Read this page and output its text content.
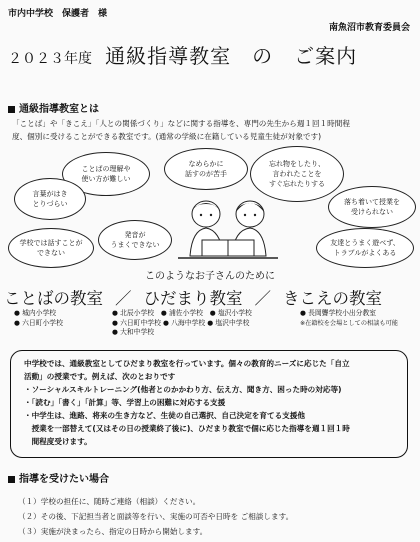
市内中学校　保護者　様
南魚沼市教育委員会
２０２３年度 通級指導教室　の　ご案内
通級指導教室とは
「ことば」や「きこえ」「人との関係づくり」などに関する指導を、専門の先生から週１回１時間程
度、個別に受けることができる教室です。(通常の学級に在籍している児童生徒が対象です)
ことばの理解や
使い方が難しい
なめらかに
話すのが苦手
忘れ物をしたり、
言われたことを
すぐ忘れたりする
言葉がはき
とりづらい	落ち着いて授業を
受けられない
発音が
うまくできない
学校では話すことが
できない
友達とうまく遊べず、
トラブルがよくある
このようなお子さんのために
ことばの教室 ／ ひだまり教室 ／ きこえの教室
● 城内小学校
● 六日町小学校
● 北辰小学校　● 浦佐小学校　● 塩沢小学校
● 六日町中学校 ● 八海中学校 ● 塩沢中学校
● 大和中学校
● 長岡聾学校小出分教室
※在籍校を会場としての相談も可能
中学校では、通級教室としてひだまり教室を行っています。個々の教育的ニーズに応じた「自立
活動」の授業です。例えば、次のとおりです
・ソーシャルスキルトレーニング(他者とのかかわり方、伝え方、聞き方、困った時の対応等)
・「読む」「書く」「計算」等、学習上の困難に対応する支援
・中学生は、進路、将来の生き方など、生徒の自己選択、自己決定を育てる支援他
　授業を一部替えて(又はその日の授業終了後に)、ひだまり教室で個に応じた指導を週１回１時
　間程度受けます。
指導を受けたい場合
（１）学校の担任に、随時ご連絡（相談）ください。
（２）その後、下記担当者と面談等を行い、実施の可否や日時を ご相談します。
（３）実施が決まったら、指定の日時から開始します。
